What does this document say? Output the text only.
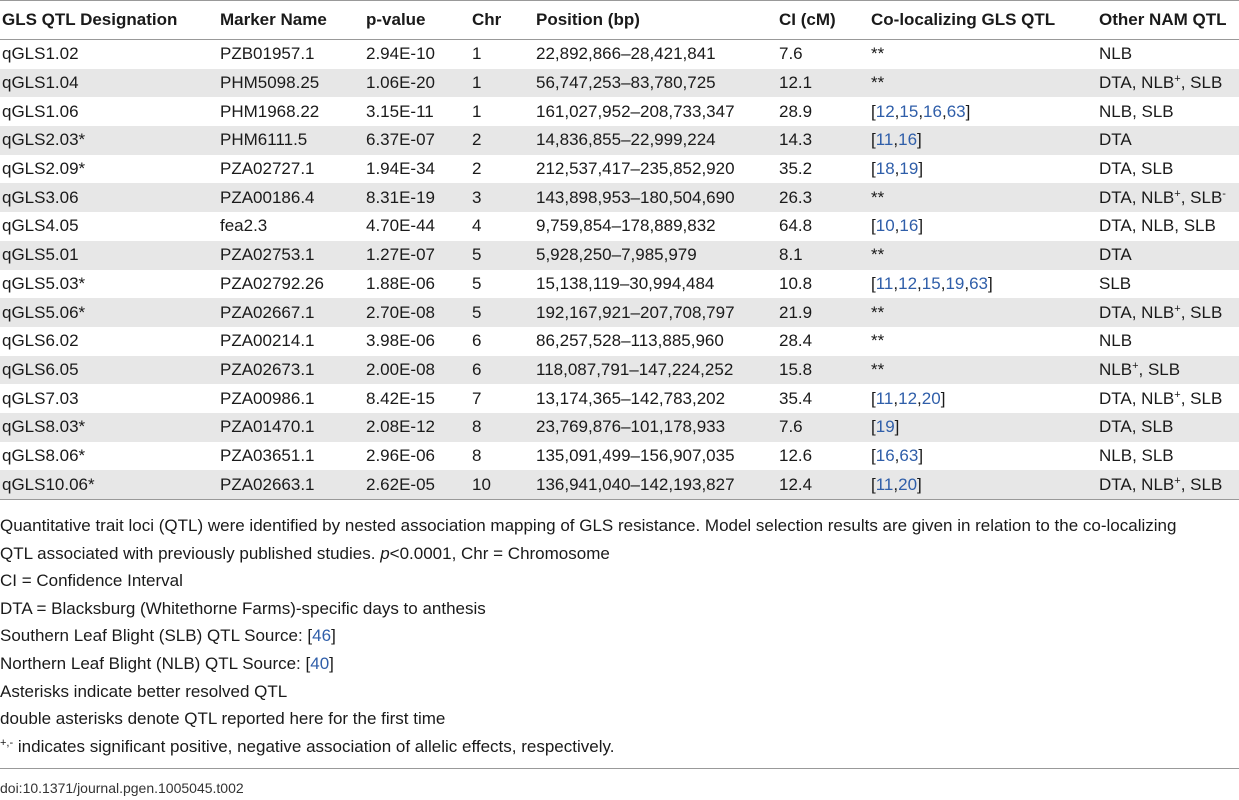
GLS QTL Designation	Marker Name	p-value	Chr	Position (bp)	CI (cM)	Co-localizing GLS QTL	Other NAM QTL
qGLS1.02	PZB01957.1	2.94E-10	1	22,892,866–28,421,841	7.6	**	NLB
qGLS1.04	PHM5098.25	1.06E-20	1	56,747,253–83,780,725	12.1	**	DTA, NLB+, SLB
qGLS1.06	PHM1968.22	3.15E-11	1	161,027,952–208,733,347	28.9	[12,15,16,63]	NLB, SLB
qGLS2.03*	PHM6111.5	6.37E-07	2	14,836,855–22,999,224	14.3	[11,16]	DTA
qGLS2.09*	PZA02727.1	1.94E-34	2	212,537,417–235,852,920	35.2	[18,19]	DTA, SLB
qGLS3.06	PZA00186.4	8.31E-19	3	143,898,953–180,504,690	26.3	**	DTA, NLB+, SLB-
qGLS4.05	fea2.3	4.70E-44	4	9,759,854–178,889,832	64.8	[10,16]	DTA, NLB, SLB
qGLS5.01	PZA02753.1	1.27E-07	5	5,928,250–7,985,979	8.1	**	DTA
qGLS5.03*	PZA02792.26	1.88E-06	5	15,138,119–30,994,484	10.8	[11,12,15,19,63]	SLB
qGLS5.06*	PZA02667.1	2.70E-08	5	192,167,921–207,708,797	21.9	**	DTA, NLB+, SLB
qGLS6.02	PZA00214.1	3.98E-06	6	86,257,528–113,885,960	28.4	**	NLB
qGLS6.05	PZA02673.1	2.00E-08	6	118,087,791–147,224,252	15.8	**	NLB+, SLB
qGLS7.03	PZA00986.1	8.42E-15	7	13,174,365–142,783,202	35.4	[11,12,20]	DTA, NLB+, SLB
qGLS8.03*	PZA01470.1	2.08E-12	8	23,769,876–101,178,933	7.6	[19]	DTA, SLB
qGLS8.06*	PZA03651.1	2.96E-06	8	135,091,499–156,907,035	12.6	[16,63]	NLB, SLB
qGLS10.06*	PZA02663.1	2.62E-05	10	136,941,040–142,193,827	12.4	[11,20]	DTA, NLB+, SLB

Quantitative trait loci (QTL) were identified by nested association mapping of GLS resistance. Model selection results are given in relation to the co-localizing QTL associated with previously published studies. p<0.0001, Chr = Chromosome

CI = Confidence Interval

DTA = Blacksburg (Whitethorne Farms)-specific days to anthesis

Southern Leaf Blight (SLB) QTL Source: [46]

Northern Leaf Blight (NLB) QTL Source: [40]

Asterisks indicate better resolved QTL

double asterisks denote QTL reported here for the first time

+,- indicates significant positive, negative association of allelic effects, respectively.

doi:10.1371/journal.pgen.1005045.t002
